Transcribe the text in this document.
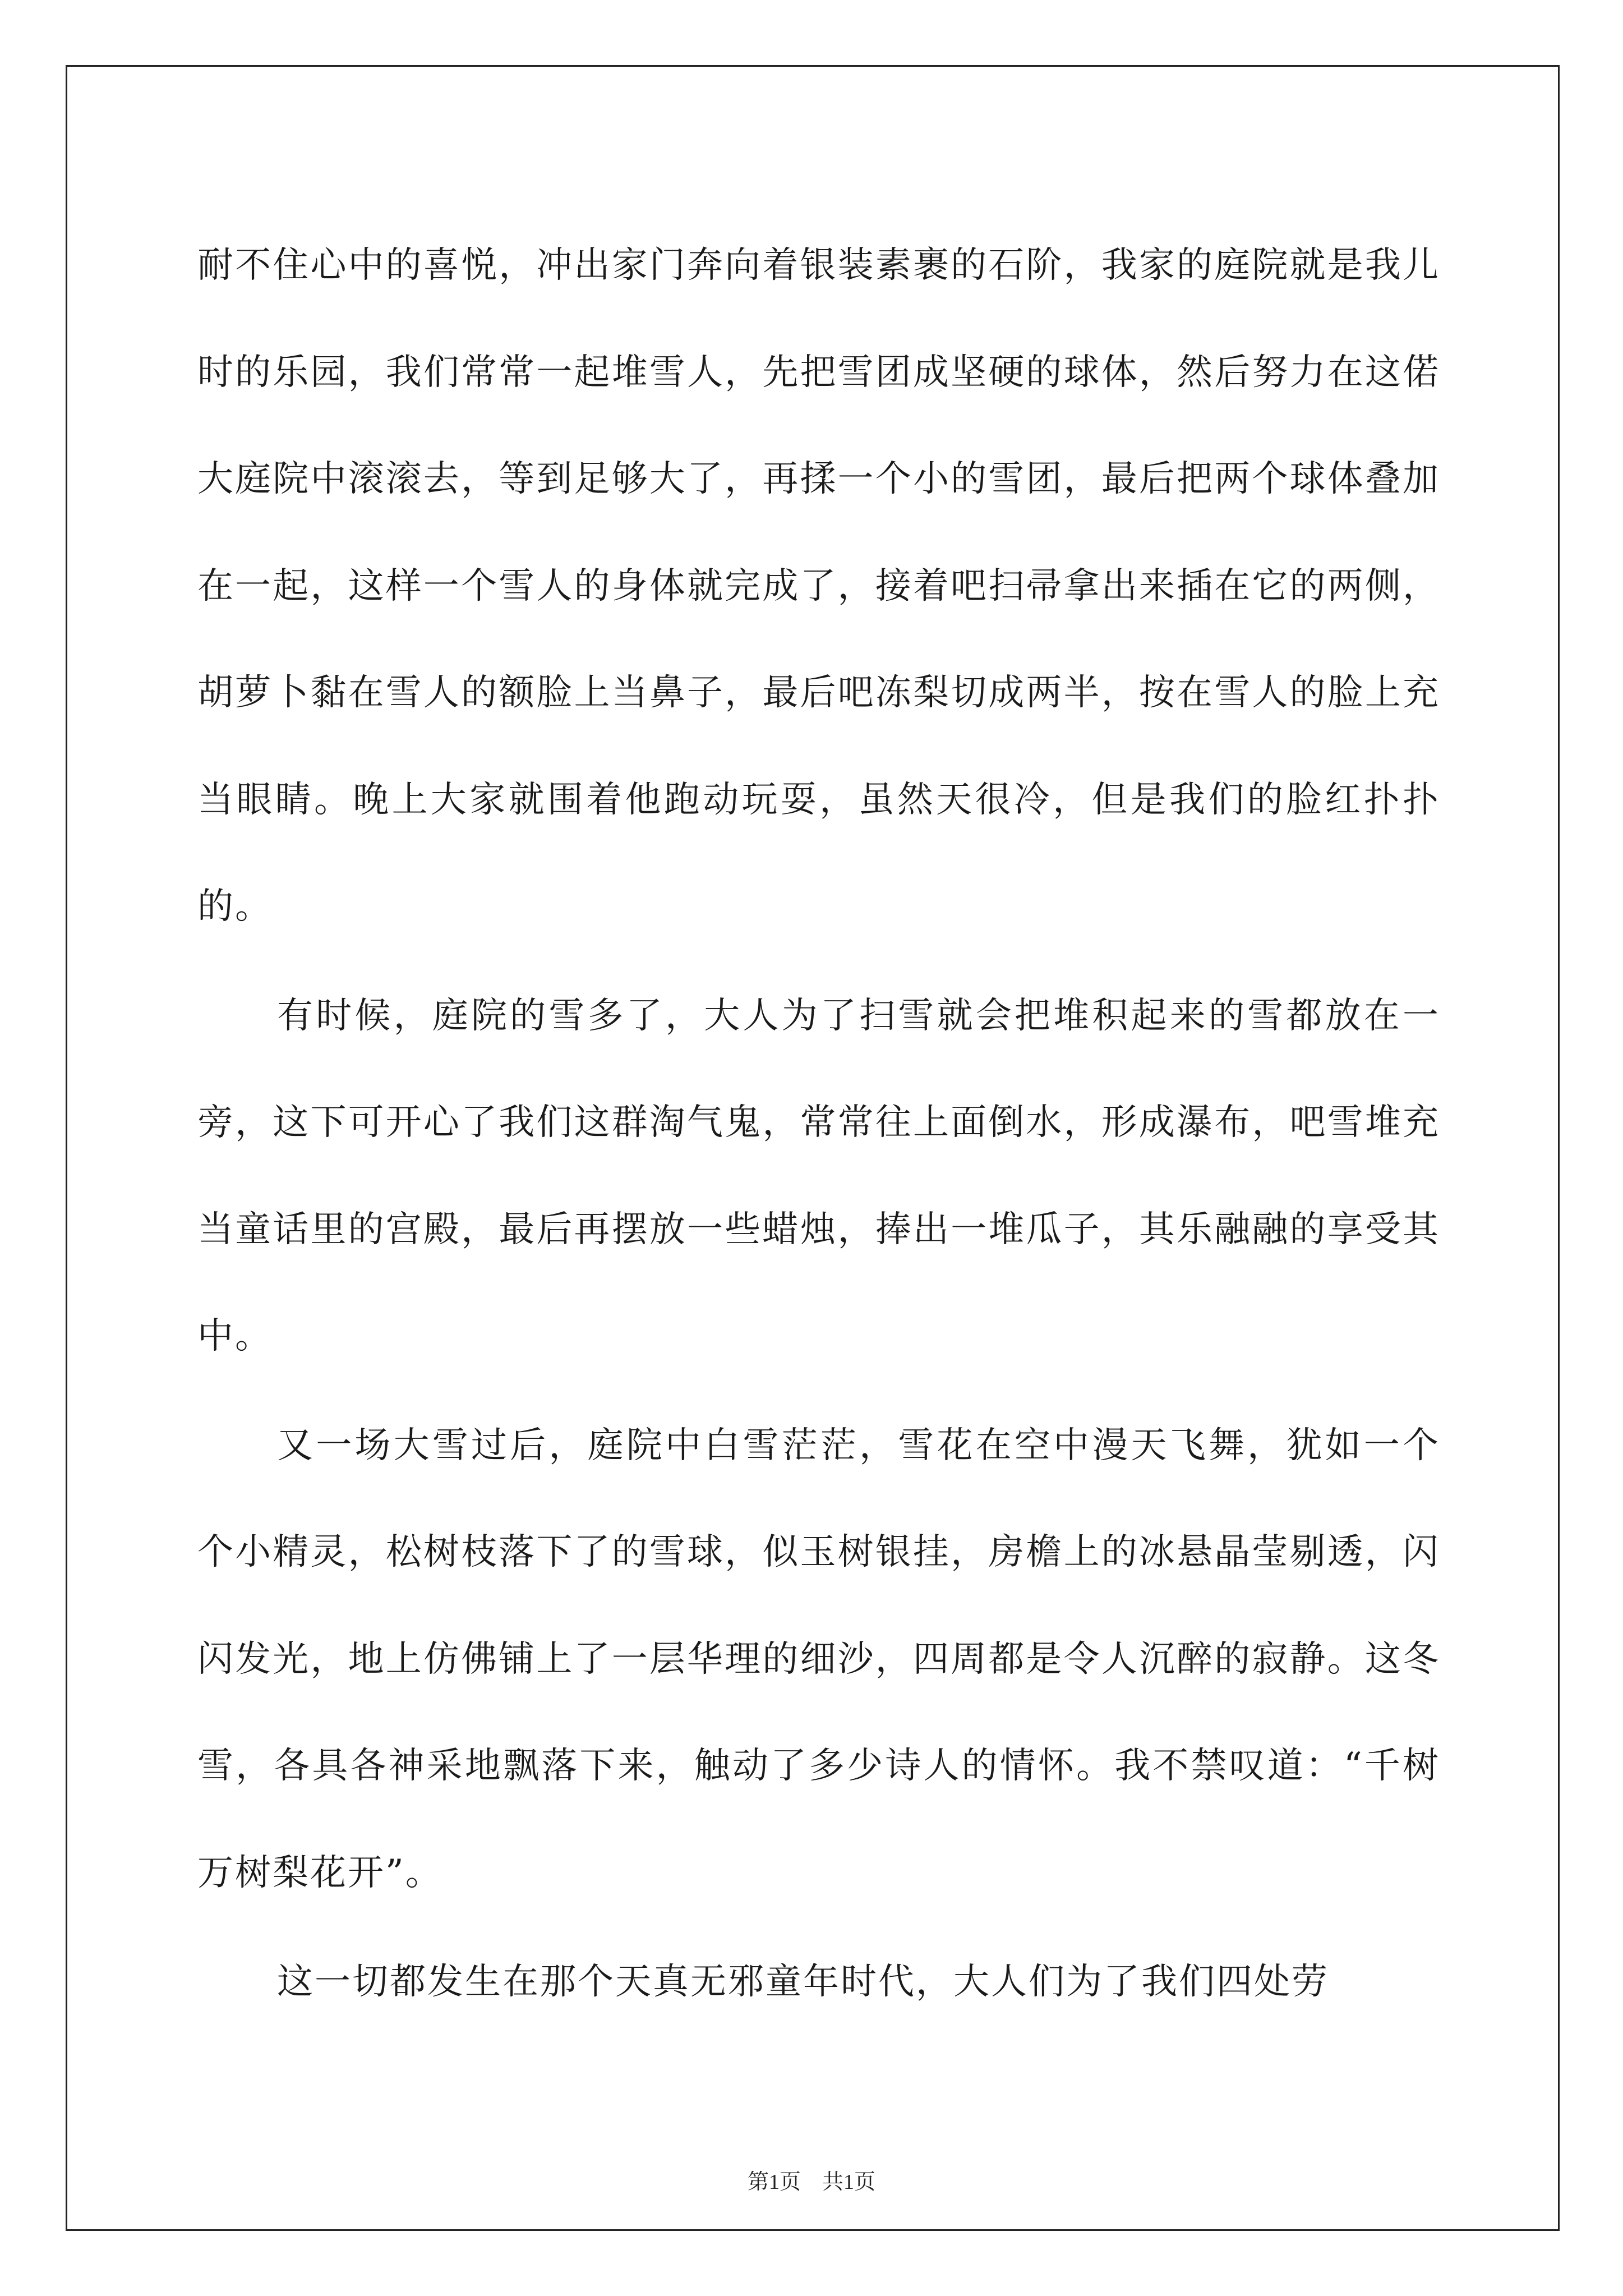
耐不住心中的喜悦，冲出家门奔向着银装素裹的石阶，我家的庭院就是我儿时的乐园，我们常常一起堆雪人，先把雪团成坚硬的球体，然后努力在这偌大庭院中滚滚去，等到足够大了，再揉一个小的雪团，最后把两个球体叠加在一起，这样一个雪人的身体就完成了，接着吧扫帚拿出来插在它的两侧，胡萝卜黏在雪人的额脸上当鼻子，最后吧冻梨切成两半，按在雪人的脸上充当眼睛。晚上大家就围着他跑动玩耍，虽然天很冷，但是我们的脸红扑扑的。

有时候，庭院的雪多了，大人为了扫雪就会把堆积起来的雪都放在一旁，这下可开心了我们这群淘气鬼，常常往上面倒水，形成瀑布，吧雪堆充当童话里的宫殿，最后再摆放一些蜡烛，捧出一堆瓜子，其乐融融的享受其中。

又一场大雪过后，庭院中白雪茫茫，雪花在空中漫天飞舞，犹如一个个小精灵，松树枝落下了的雪球，似玉树银挂，房檐上的冰悬晶莹剔透，闪闪发光，地上仿佛铺上了一层华理的细沙，四周都是令人沉醉的寂静。这冬雪，各具各神采地飘落下来，触动了多少诗人的情怀。我不禁叹道：“千树万树梨花开”。

这一切都发生在那个天真无邪童年时代，大人们为了我们四处劳

第1页 共1页
